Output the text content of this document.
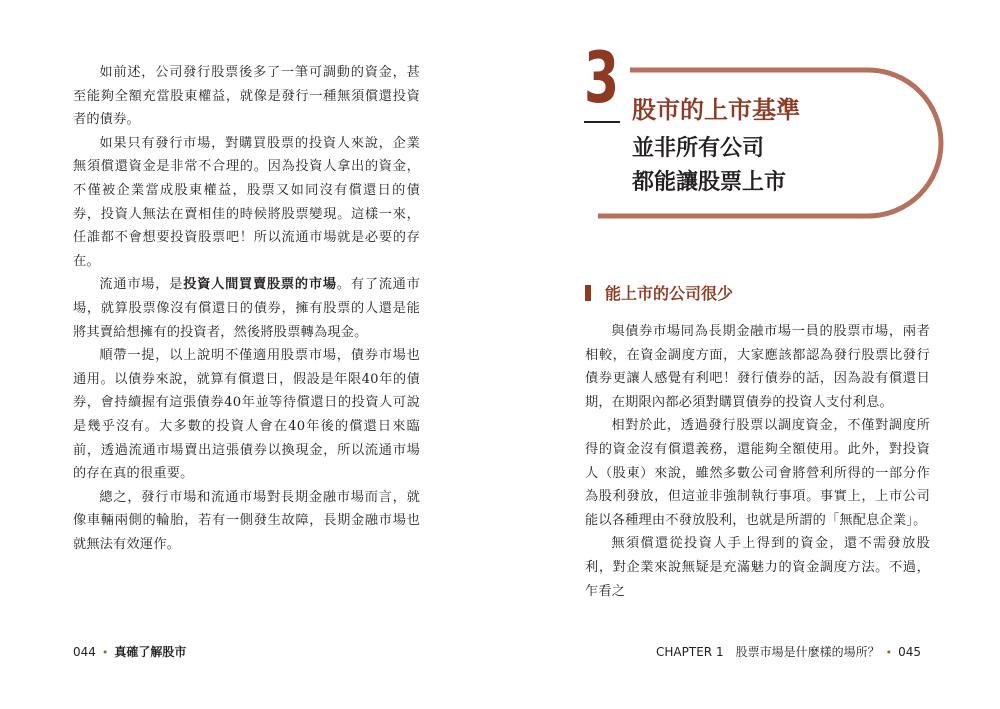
如前述，公司發行股票後多了一筆可調動的資金，甚至能夠全額充當股東權益，就像是發行一種無須償還投資者的債券。

如果只有發行市場，對購買股票的投資人來說，企業無須償還資金是非常不合理的。因為投資人拿出的資金，不僅被企業當成股東權益，股票又如同沒有償還日的債券，投資人無法在賣相佳的時候將股票變現。這樣一來，任誰都不會想要投資股票吧！所以流通市場就是必要的存在。

流通市場，是投資人間買賣股票的市場。有了流通市場，就算股票像沒有償還日的債券，擁有股票的人還是能將其賣給想擁有的投資者，然後將股票轉為現金。

順帶一提，以上說明不僅適用股票市場，債券市場也通用。以債券來說，就算有償還日，假設是年限40年的債券，會持續握有這張債券40年並等待償還日的投資人可說是幾乎沒有。大多數的投資人會在40年後的償還日來臨前，透過流通市場賣出這張債券以換現金，所以流通市場的存在真的很重要。

總之，發行市場和流通市場對長期金融市場而言，就像車輛兩側的輪胎，若有一側發生故障，長期金融市場也就無法有效運作。

044 • 真確了解股市
3 股市的上市基準
並非所有公司
都能讓股票上市
能上市的公司很少

與債券市場同為長期金融市場一員的股票市場，兩者相較，在資金調度方面，大家應該都認為發行股票比發行債券更讓人感覺有利吧！發行債券的話，因為設有償還日期，在期限內都必須對購買債券的投資人支付利息。

相對於此，透過發行股票以調度資金，不僅對調度所得的資金沒有償還義務，還能夠全額使用。此外，對投資人（股東）來說，雖然多數公司會將營利所得的一部分作為股利發放，但這並非強制執行事項。事實上，上市公司能以各種理由不發放股利，也就是所謂的「無配息企業」。

無須償還從投資人手上得到的資金，還不需發放股利，對企業來說無疑是充滿魅力的資金調度方法。不過，乍看之

CHAPTER 1　股票市場是什麼樣的場所？ • 045
